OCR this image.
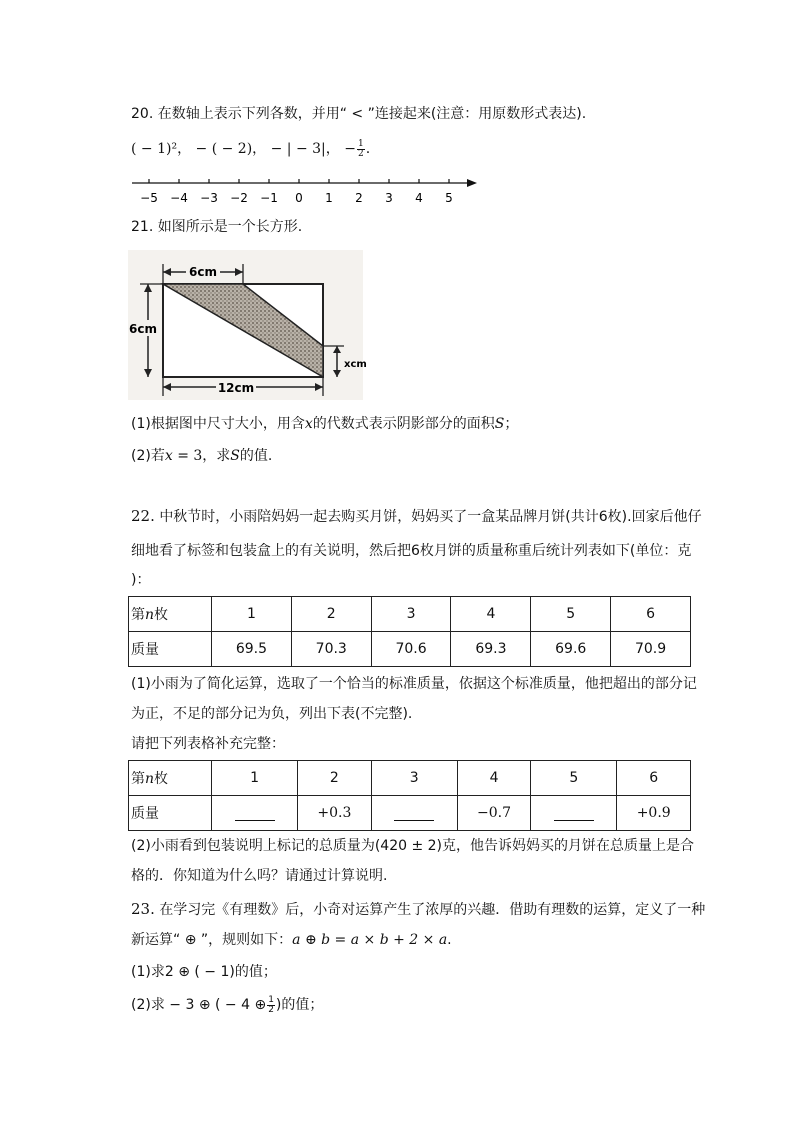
20. 在数轴上表示下列各数，并用“ < ”连接起来(注意：用原数形式表达).
( − 1)²， − ( − 2)， − | − 3|， − $\frac{1}{2}$ .
−5 −4 −3 −2 −1 0 1 2 3 4 5
21. 如图所示是一个长方形.
6cm
6cm
xcm
12cm
(1)根据图中尺寸大小，用含x的代数式表示阴影部分的面积S；
(2)若x = 3，求S的值.
22. 中秋节时，小雨陪妈妈一起去购买月饼，妈妈买了一盒某品牌月饼(共计6枚).回家后他仔
细地看了标签和包装盒上的有关说明，然后把6枚月饼的质量称重后统计列表如下(单位：克
)：
第n枚	1	2	3	4	5	6
质量	69.5	70.3	70.6	69.3	69.6	70.9
(1)小雨为了简化运算，选取了一个恰当的标准质量，依据这个标准质量，他把超出的部分记
为正，不足的部分记为负，列出下表(不完整).
请把下列表格补充完整：
第n枚	1	2	3	4	5	6
质量		+0.3		−0.7		+0.9
(2)小雨看到包装说明上标记的总质量为(420 ± 2)克，他告诉妈妈买的月饼在总质量上是合
格的．你知道为什么吗？请通过计算说明.
23. 在学习完《有理数》后，小奇对运算产生了浓厚的兴趣．借助有理数的运算，定义了一种
新运算“ ⊕ ”，规则如下：a ⊕ b = a × b + 2 × a.
(1)求2 ⊕ ( − 1)的值；
(2)求 − 3 ⊕ ( − 4 ⊕ $\frac{1}{2}$ )的值；
